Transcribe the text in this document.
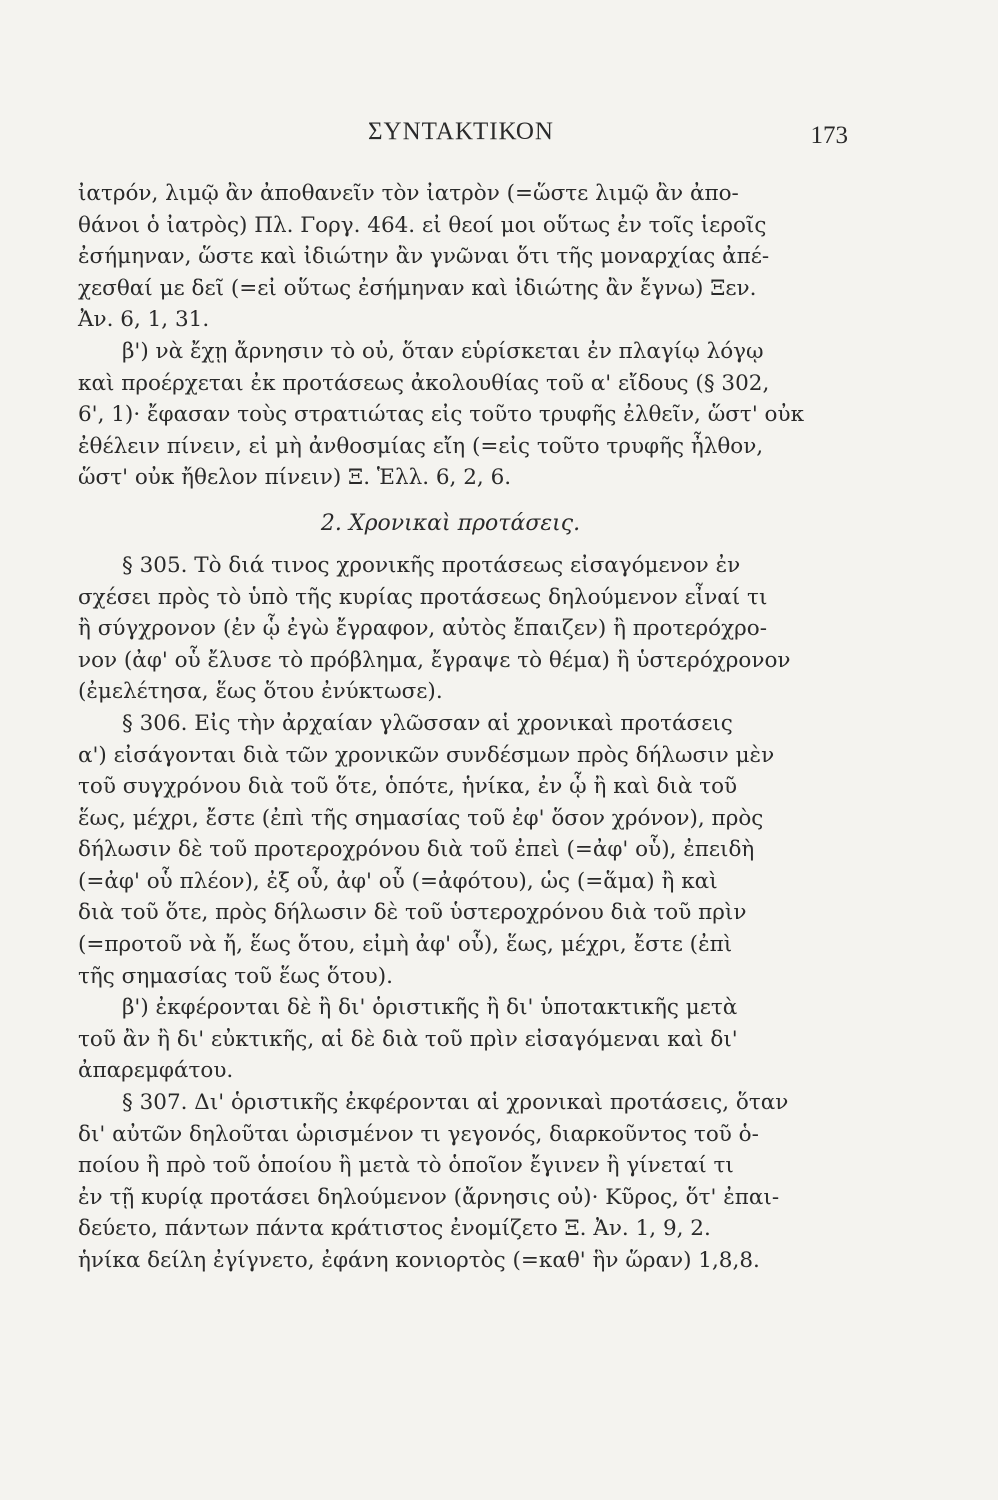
ΣΥΝΤΑΚΤΙΚΟΝ	173
ἰατρόν, λιμῷ ἂν ἀποθανεῖν τὸν ἰατρὸν (=ὥστε λιμῷ ἂν ἀπο-
θάνοι ὁ ἰατρὸς) Πλ. Γοργ. 464. εἰ θεοί μοι οὕτως ἐν τοῖς ἱεροῖς
ἐσήμηναν, ὥστε καὶ ἰδιώτην ἂν γνῶναι ὅτι τῆς μοναρχίας ἀπέ-
χεσθαί με δεῖ (=εἰ οὕτως ἐσήμηναν καὶ ἰδιώτης ἂν ἔγνω) Ξεν.
Ἀν. 6, 1, 31.
β') νὰ ἔχῃ ἄρνησιν τὸ οὐ, ὅταν εὑρίσκεται ἐν πλαγίῳ λόγῳ
καὶ προέρχεται ἐκ προτάσεως ἀκολουθίας τοῦ α' εἴδους (§ 302,
6', 1)· ἔφασαν τοὺς στρατιώτας εἰς τοῦτο τρυφῆς ἐλθεῖν, ὥστ' οὐκ
ἐθέλειν πίνειν, εἰ μὴ ἀνθοσμίας εἴη (=εἰς τοῦτο τρυφῆς ἦλθον,
ὥστ' οὐκ ἤθελον πίνειν) Ξ. Ἑλλ. 6, 2, 6.
2. Χρονικαὶ προτάσεις.
§ 305. Τὸ διά τινος χρονικῆς προτάσεως εἰσαγόμενον ἐν
σχέσει πρὸς τὸ ὑπὸ τῆς κυρίας προτάσεως δηλούμενον εἶναί τι
ἢ σύγχρονον (ἐν ᾧ ἐγὼ ἔγραφον, αὐτὸς ἔπαιζεν) ἢ προτερόχρο-
νον (ἀφ' οὗ ἔλυσε τὸ πρόβλημα, ἔγραψε τὸ θέμα) ἢ ὑστερόχρονον
(ἐμελέτησα, ἕως ὅτου ἐνύκτωσε).
§ 306. Εἰς τὴν ἀρχαίαν γλῶσσαν αἱ χρονικαὶ προτάσεις
α') εἰσάγονται διὰ τῶν χρονικῶν συνδέσμων πρὸς δήλωσιν μὲν
τοῦ συγχρόνου διὰ τοῦ ὅτε, ὁπότε, ἡνίκα, ἐν ᾧ ἢ καὶ διὰ τοῦ
ἕως, μέχρι, ἔστε (ἐπὶ τῆς σημασίας τοῦ ἐφ' ὅσον χρόνον), πρὸς
δήλωσιν δὲ τοῦ προτεροχρόνου διὰ τοῦ ἐπεὶ (=ἀφ' οὗ), ἐπειδὴ
(=ἀφ' οὗ πλέον), ἐξ οὗ, ἀφ' οὗ (=ἀφότου), ὡς (=ἅμα) ἢ καὶ
διὰ τοῦ ὅτε, πρὸς δήλωσιν δὲ τοῦ ὑστεροχρόνου διὰ τοῦ πρὶν
(=προτοῦ νὰ ἤ, ἕως ὅτου, εἰμὴ ἀφ' οὗ), ἕως, μέχρι, ἔστε (ἐπὶ
τῆς σημασίας τοῦ ἕως ὅτου).
β') ἐκφέρονται δὲ ἢ δι' ὁριστικῆς ἢ δι' ὑποτακτικῆς μετὰ
τοῦ ἂν ἢ δι' εὐκτικῆς, αἱ δὲ διὰ τοῦ πρὶν εἰσαγόμεναι καὶ δι'
ἀπαρεμφάτου.
§ 307. Δι' ὁριστικῆς ἐκφέρονται αἱ χρονικαὶ προτάσεις, ὅταν
δι' αὐτῶν δηλοῦται ὡρισμένον τι γεγονός, διαρκοῦντος τοῦ ὁ-
ποίου ἢ πρὸ τοῦ ὁποίου ἢ μετὰ τὸ ὁποῖον ἔγινεν ἢ γίνεταί τι
ἐν τῇ κυρίᾳ προτάσει δηλούμενον (ἄρνησις οὐ)· Κῦρος, ὅτ' ἐπαι-
δεύετο, πάντων πάντα κράτιστος ἐνομίζετο Ξ. Ἀν. 1, 9, 2.
ἡνίκα δείλη ἐγίγνετο, ἐφάνη κονιορτὸς (=καθ' ἣν ὥραν) 1,8,8.
